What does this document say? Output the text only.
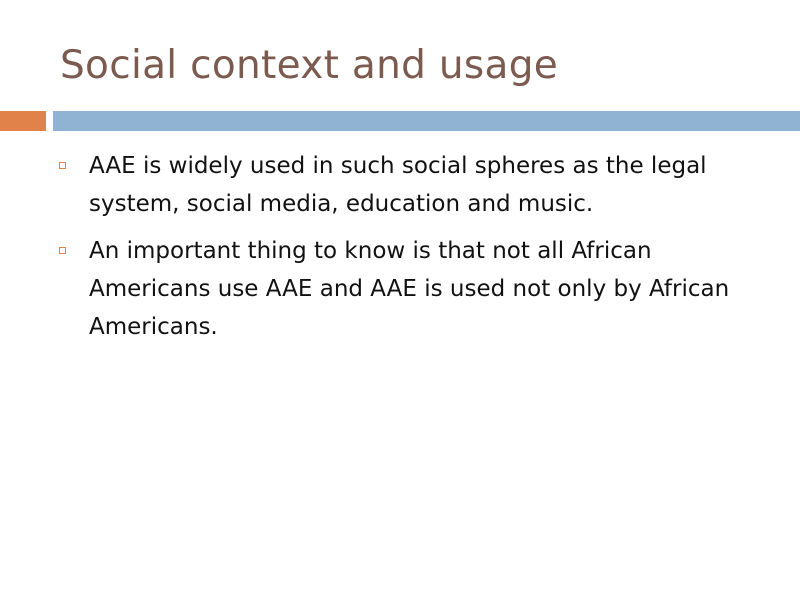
Social context and usage
AAE is widely used in such social spheres as the legal system, social media, education and music.
An important thing to know is that not all African Americans use AAE and AAE is used not only by African Americans.
